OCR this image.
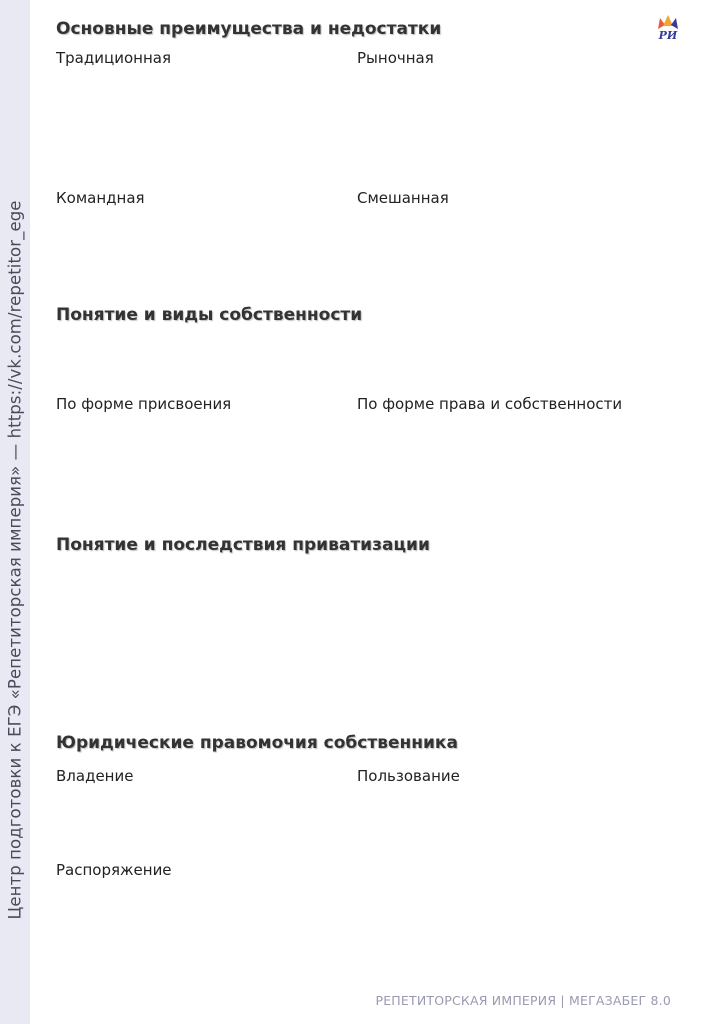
Центр подготовки к ЕГЭ «Репетиторская империя» — https://vk.com/repetitor_ege
РИ
Основные преимущества и недостатки
Традиционная	Рыночная
Командная	Смешанная
Понятие и виды собственности
По форме присвоения	По форме права и собственности
Понятие и последствия приватизации
Юридические правомочия собственника
Владение	Пользование
Распоряжение
РЕПЕТИТОРСКАЯ ИМПЕРИЯ | МЕГАЗАБЕГ 8.0
